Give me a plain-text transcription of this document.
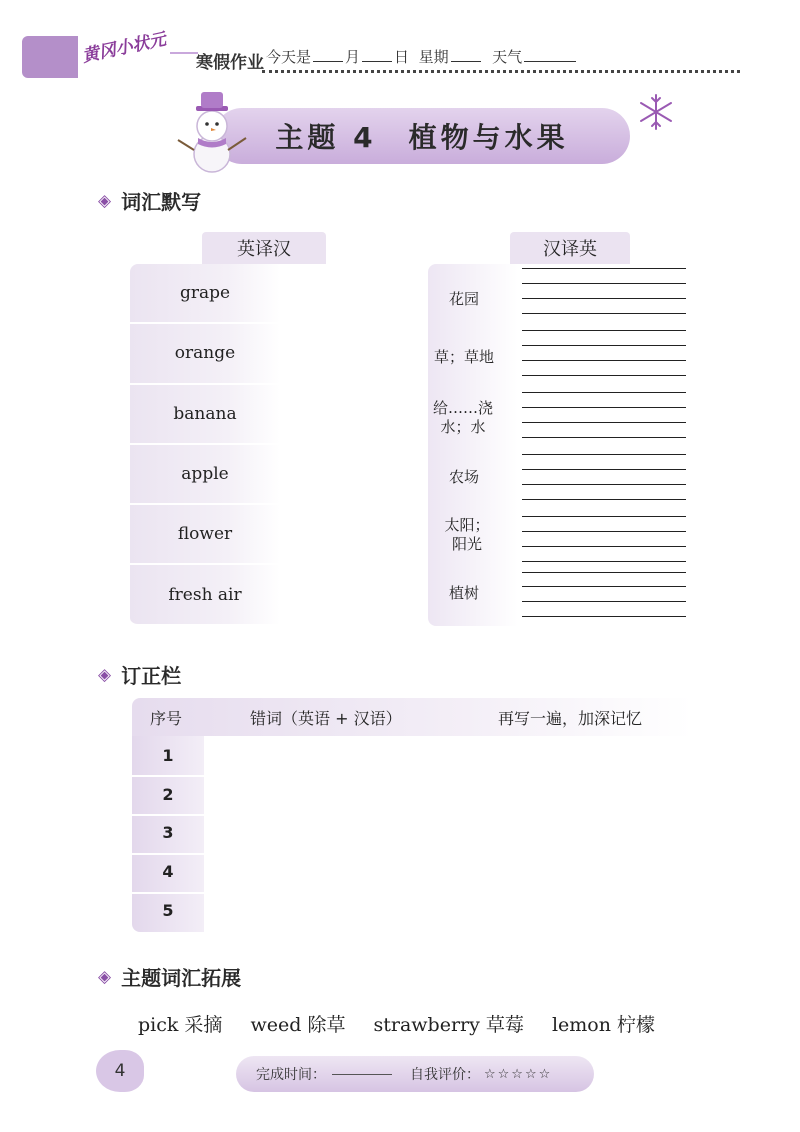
黄冈小状元 寒假作业 今天是 月 日 星期	天气
主题 4　植物与水果
◈ 词汇默写
英译汉	汉译英
grape
orange
banana
apple
flower
fresh air
花园
草；草地
给……浇水；水
农场
太阳；阳光
植树
◈ 订正栏
序号	错词（英语 + 汉语）	再写一遍，加深记忆
1
2
3
4
5
◈ 主题词汇拓展
pick 采摘 weed 除草 strawberry 草莓 lemon 柠檬
4	完成时间：	自我评价： ☆☆☆☆☆
